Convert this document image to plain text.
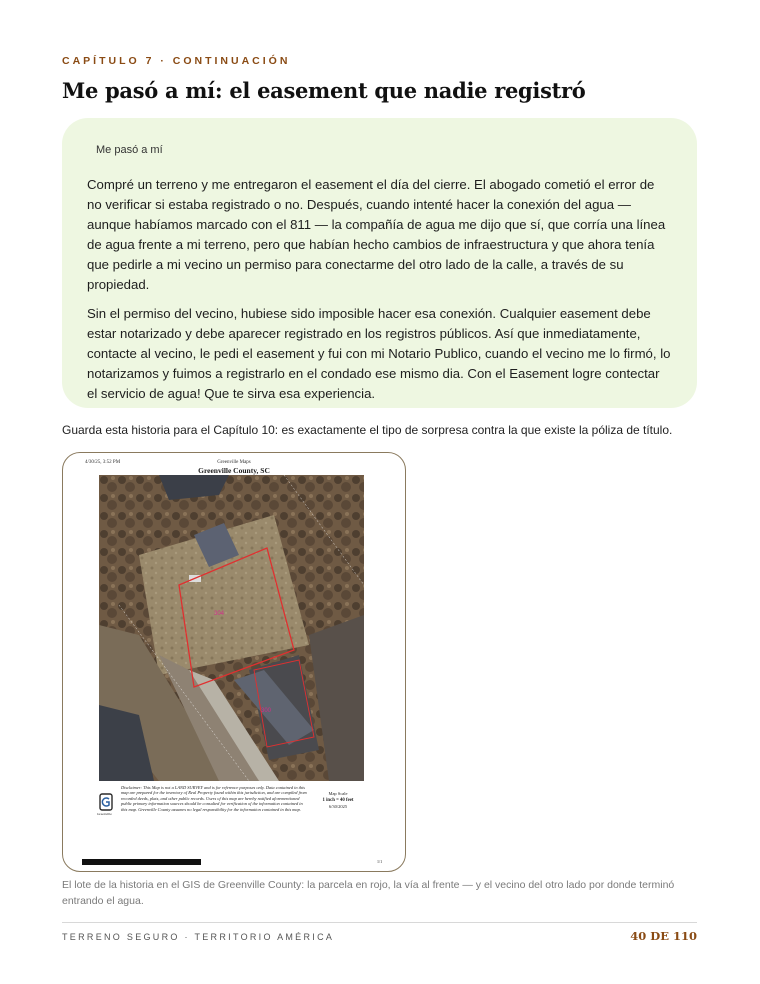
CAPÍTULO 7 · CONTINUACIÓN
Me pasó a mí: el easement que nadie registró

Me pasó a mí

Compré un terreno y me entregaron el easement el día del cierre. El abogado cometió el error de no verificar si estaba registrado o no. Después, cuando intenté hacer la conexión del agua — aunque habíamos marcado con el 811 — la compañía de agua me dijo que sí, que corría una línea de agua frente a mi terreno, pero que habían hecho cambios de infraestructura y que ahora tenía que pedirle a mi vecino un permiso para conectarme del otro lado de la calle, a través de su propiedad.

Sin el permiso del vecino, hubiese sido imposible hacer esa conexión. Cualquier easement debe estar notarizado y debe aparecer registrado en los registros públicos. Así que inmediatamente, contacte al vecino, le pedi el easement y fui con mi Notario Publico, cuando el vecino me lo firmó, lo notarizamos y fuimos a registrarlo en el condado ese mismo dia. Con el Easement logre contectar el servicio de agua! Que te sirva esa experiencia.

Guarda esta historia para el Capítulo 10: es exactamente el tipo de sorpresa contra la que existe la póliza de título.
4/30/25, 3:52 PM	Greenville Maps
Greenville County, SC
304
300
Greenville
Disclaimer: This Map is not a LAND SURVEY and is for reference purposes only. Data contained in this map are prepared for the inventory of Real Property found within this jurisdiction, and are compiled from recorded deeds, plats, and other public records. Users of this map are hereby notified aforementioned public primary information sources should be consulted for verification of the information contained in this map. Greenville County assumes no legal responsibility for the information contained in this map.
Map Scale
1 inch = 40 feet
6/30/2025
1/1
El lote de la historia en el GIS de Greenville County: la parcela en rojo, la vía al frente — y el vecino del otro lado por donde terminó entrando el agua.
TERRENO SEGURO · TERRITORIO AMÉRICA	40 DE 110
